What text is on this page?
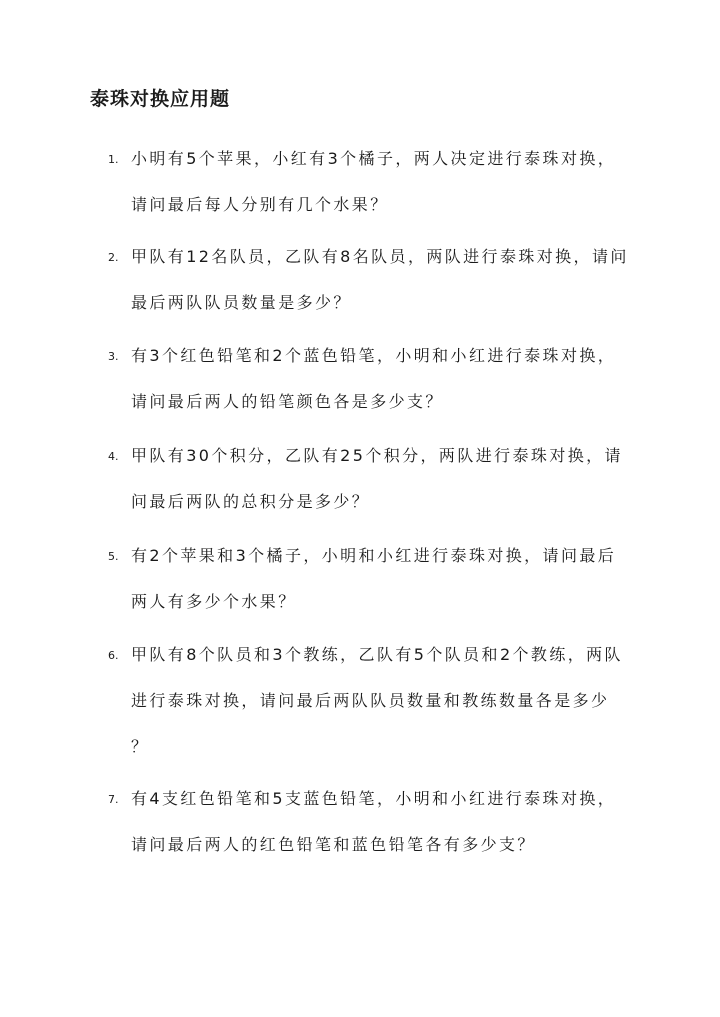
泰珠对换应用题
1. 小明有5个苹果，小红有3个橘子，两人决定进行泰珠对换，
请问最后每人分别有几个水果？
2. 甲队有12名队员，乙队有8名队员，两队进行泰珠对换，请问
最后两队队员数量是多少？
3. 有3个红色铅笔和2个蓝色铅笔，小明和小红进行泰珠对换，
请问最后两人的铅笔颜色各是多少支？
4. 甲队有30个积分，乙队有25个积分，两队进行泰珠对换，请
问最后两队的总积分是多少？
5. 有2个苹果和3个橘子，小明和小红进行泰珠对换，请问最后
两人有多少个水果？
6. 甲队有8个队员和3个教练，乙队有5个队员和2个教练，两队
进行泰珠对换，请问最后两队队员数量和教练数量各是多少
？
7. 有4支红色铅笔和5支蓝色铅笔，小明和小红进行泰珠对换，
请问最后两人的红色铅笔和蓝色铅笔各有多少支？
